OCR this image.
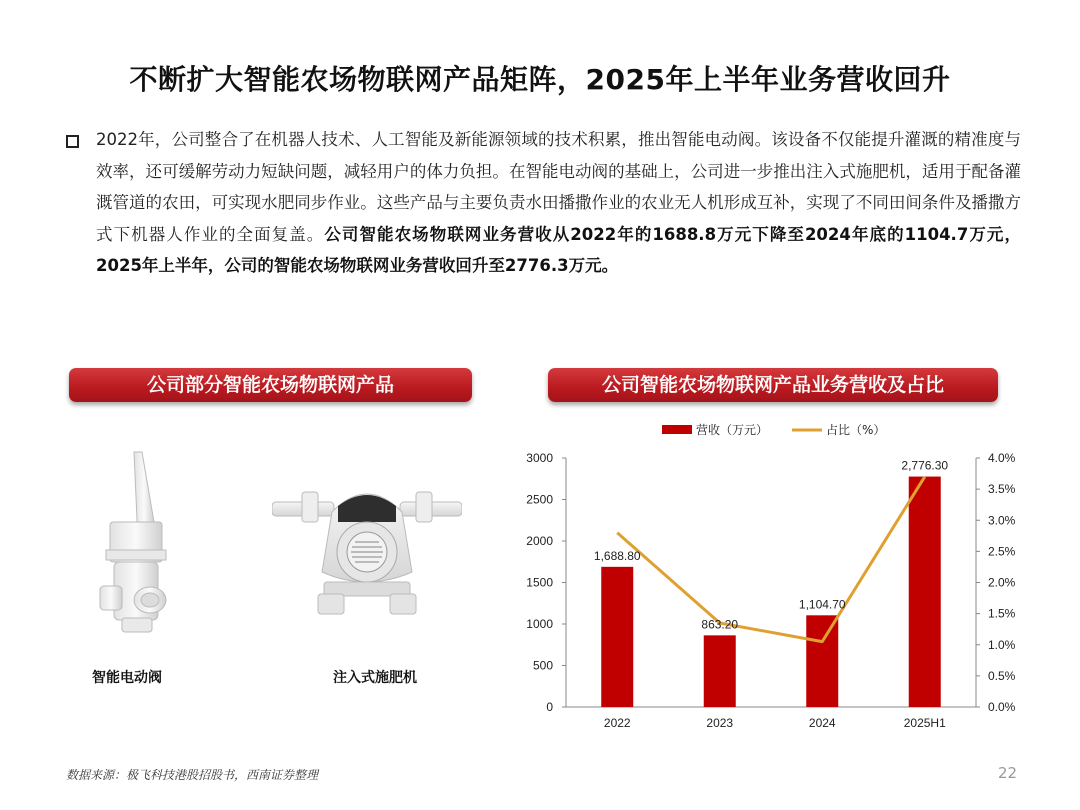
不断扩大智能农场物联网产品矩阵，2025年上半年业务营收回升
2022年，公司整合了在机器人技术、人工智能及新能源领域的技术积累，推出智能电动阀。该设备不仅能提升灌溉的精准度与效率，还可缓解劳动力短缺问题，减轻用户的体力负担。在智能电动阀的基础上，公司进一步推出注入式施肥机，适用于配备灌溉管道的农田，可实现水肥同步作业。这些产品与主要负责水田播撒作业的农业无人机形成互补，实现了不同田间条件及播撒方式下机器人作业的全面复盖。公司智能农场物联网业务营收从2022年的1688.8万元下降至2024年底的1104.7万元，2025年上半年，公司的智能农场物联网业务营收回升至2776.3万元。
公司部分智能农场物联网产品	公司智能农场物联网产品业务营收及占比
智能电动阀	注入式施肥机
营收（万元）	占比（%）
0
500
1000
1500
2000
2500
3000
0.0%
0.5%
1.0%
1.5%
2.0%
2.5%
3.0%
3.5%
4.0%
2022	2023	2024	2025H1
1,688.80
863.20
1,104.70
2,776.30
数据来源：极飞科技港股招股书，西南证券整理	22
